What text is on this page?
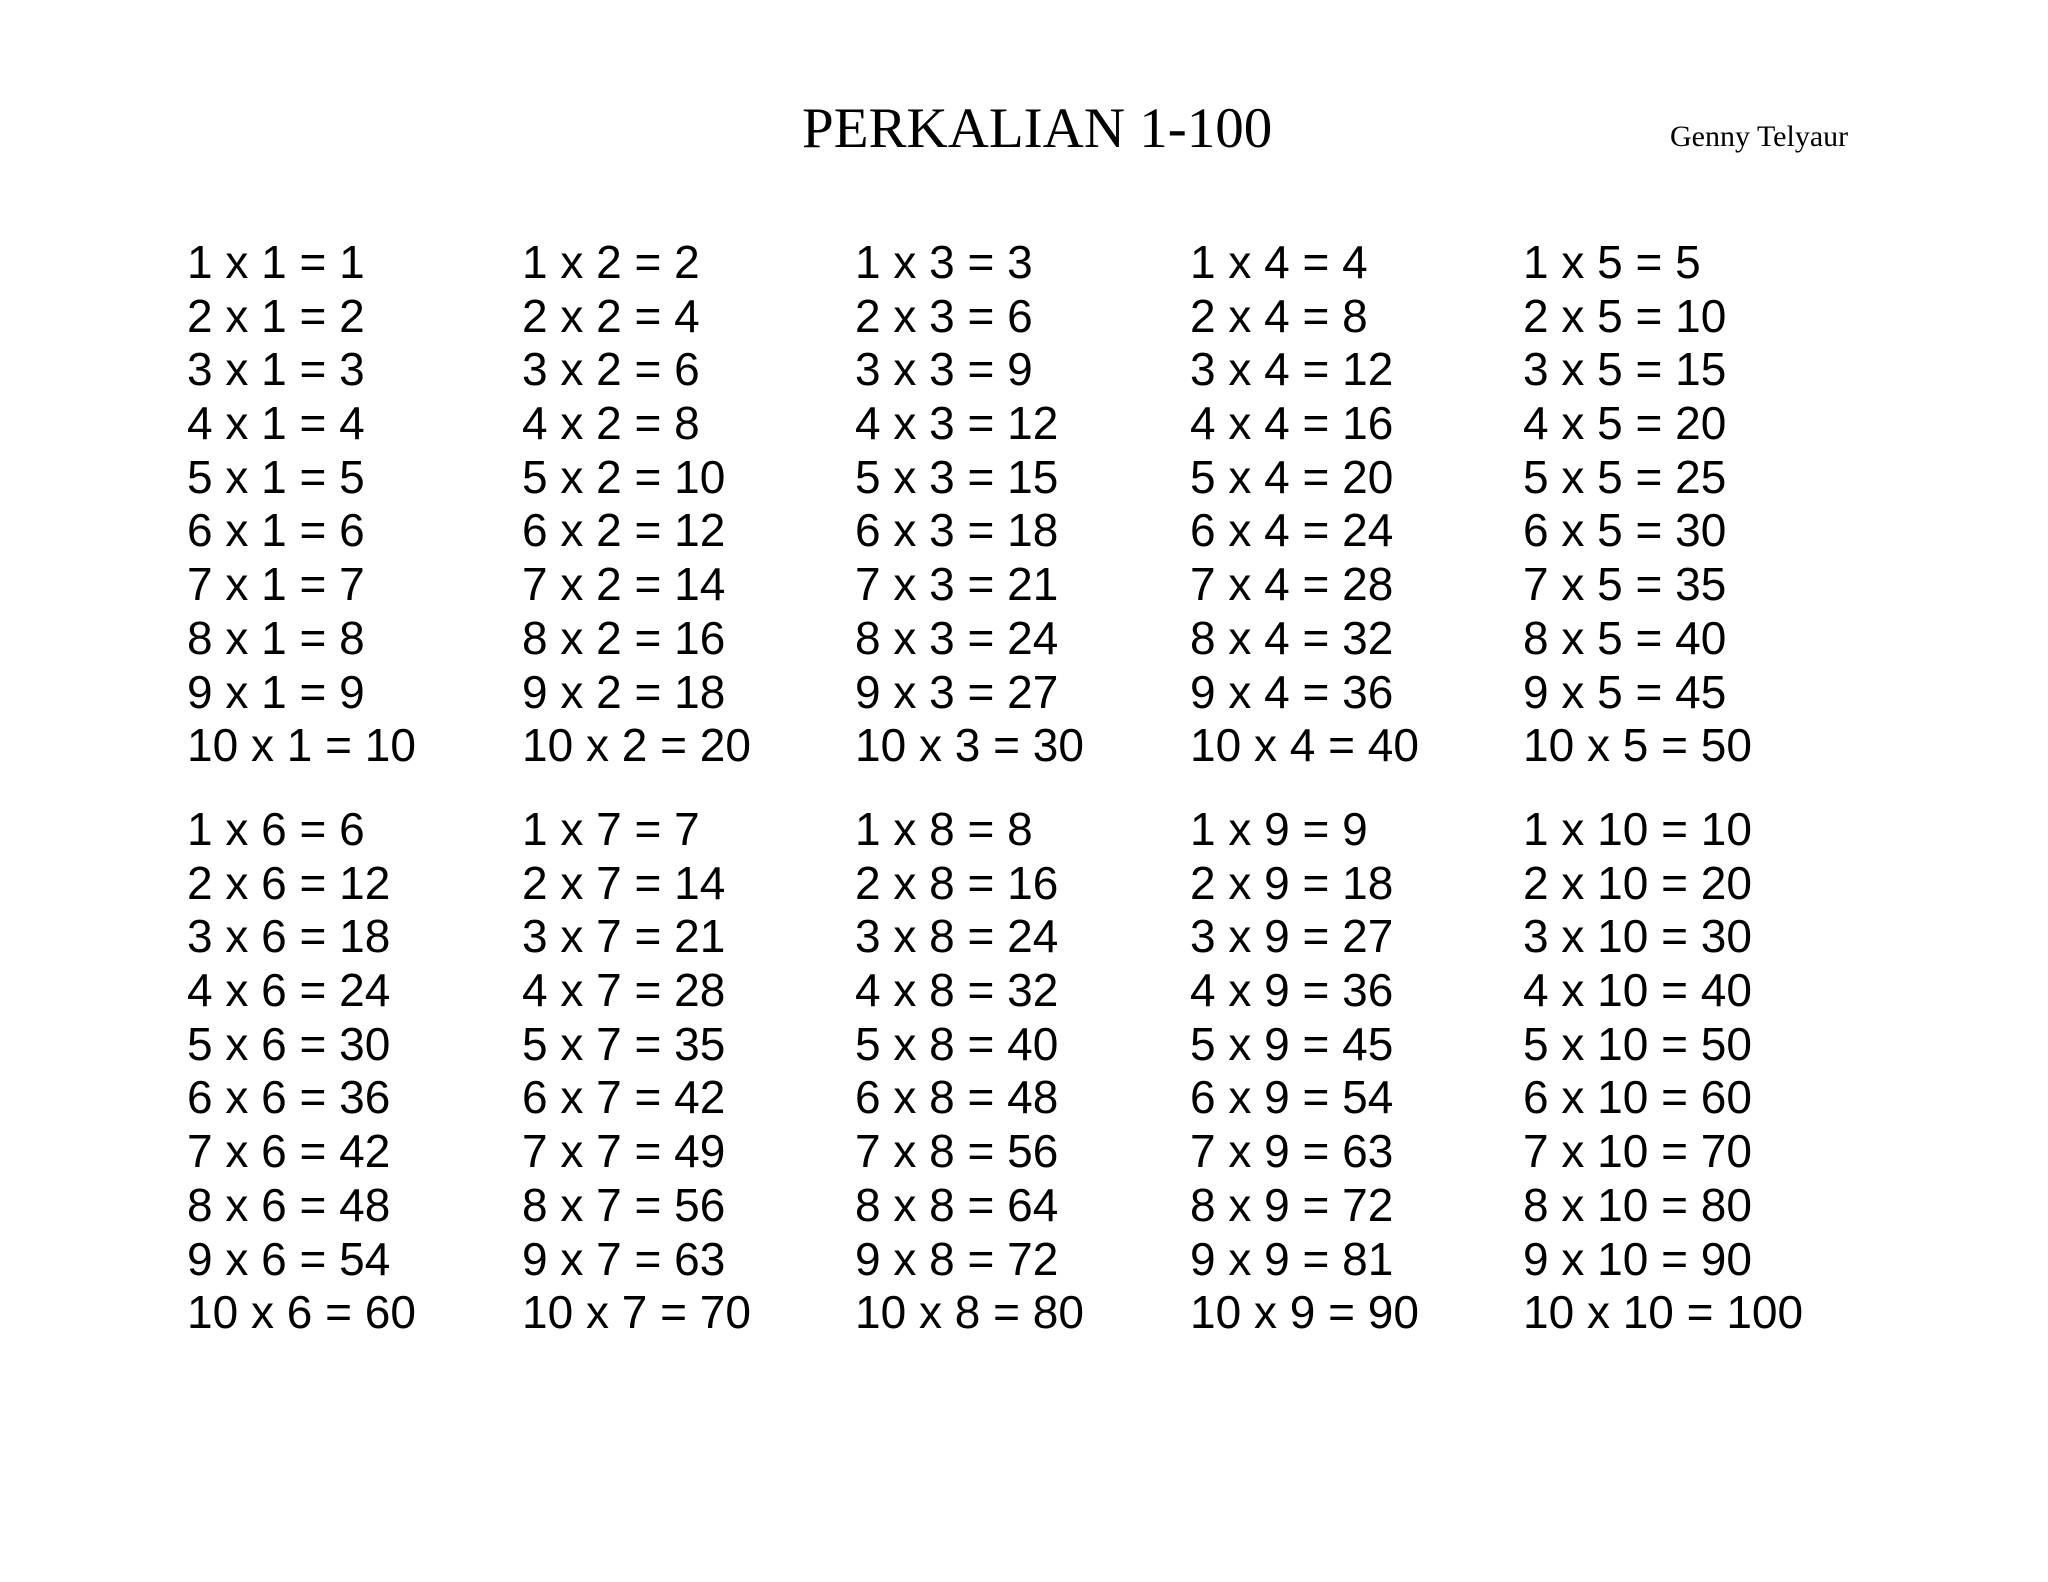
PERKALIAN 1-100	Genny Telyaur
1 x 1 = 1
2 x 1 = 2
3 x 1 = 3
4 x 1 = 4
5 x 1 = 5
6 x 1 = 6
7 x 1 = 7
8 x 1 = 8
9 x 1 = 9
10 x 1 = 10
1 x 2 = 2
2 x 2 = 4
3 x 2 = 6
4 x 2 = 8
5 x 2 = 10
6 x 2 = 12
7 x 2 = 14
8 x 2 = 16
9 x 2 = 18
10 x 2 = 20
1 x 3 = 3
2 x 3 = 6
3 x 3 = 9
4 x 3 = 12
5 x 3 = 15
6 x 3 = 18
7 x 3 = 21
8 x 3 = 24
9 x 3 = 27
10 x 3 = 30
1 x 4 = 4
2 x 4 = 8
3 x 4 = 12
4 x 4 = 16
5 x 4 = 20
6 x 4 = 24
7 x 4 = 28
8 x 4 = 32
9 x 4 = 36
10 x 4 = 40
1 x 5 = 5
2 x 5 = 10
3 x 5 = 15
4 x 5 = 20
5 x 5 = 25
6 x 5 = 30
7 x 5 = 35
8 x 5 = 40
9 x 5 = 45
10 x 5 = 50
1 x 6 = 6
2 x 6 = 12
3 x 6 = 18
4 x 6 = 24
5 x 6 = 30
6 x 6 = 36
7 x 6 = 42
8 x 6 = 48
9 x 6 = 54
10 x 6 = 60
1 x 7 = 7
2 x 7 = 14
3 x 7 = 21
4 x 7 = 28
5 x 7 = 35
6 x 7 = 42
7 x 7 = 49
8 x 7 = 56
9 x 7 = 63
10 x 7 = 70
1 x 8 = 8
2 x 8 = 16
3 x 8 = 24
4 x 8 = 32
5 x 8 = 40
6 x 8 = 48
7 x 8 = 56
8 x 8 = 64
9 x 8 = 72
10 x 8 = 80
1 x 9 = 9
2 x 9 = 18
3 x 9 = 27
4 x 9 = 36
5 x 9 = 45
6 x 9 = 54
7 x 9 = 63
8 x 9 = 72
9 x 9 = 81
10 x 9 = 90
1 x 10 = 10
2 x 10 = 20
3 x 10 = 30
4 x 10 = 40
5 x 10 = 50
6 x 10 = 60
7 x 10 = 70
8 x 10 = 80
9 x 10 = 90
10 x 10 = 100
